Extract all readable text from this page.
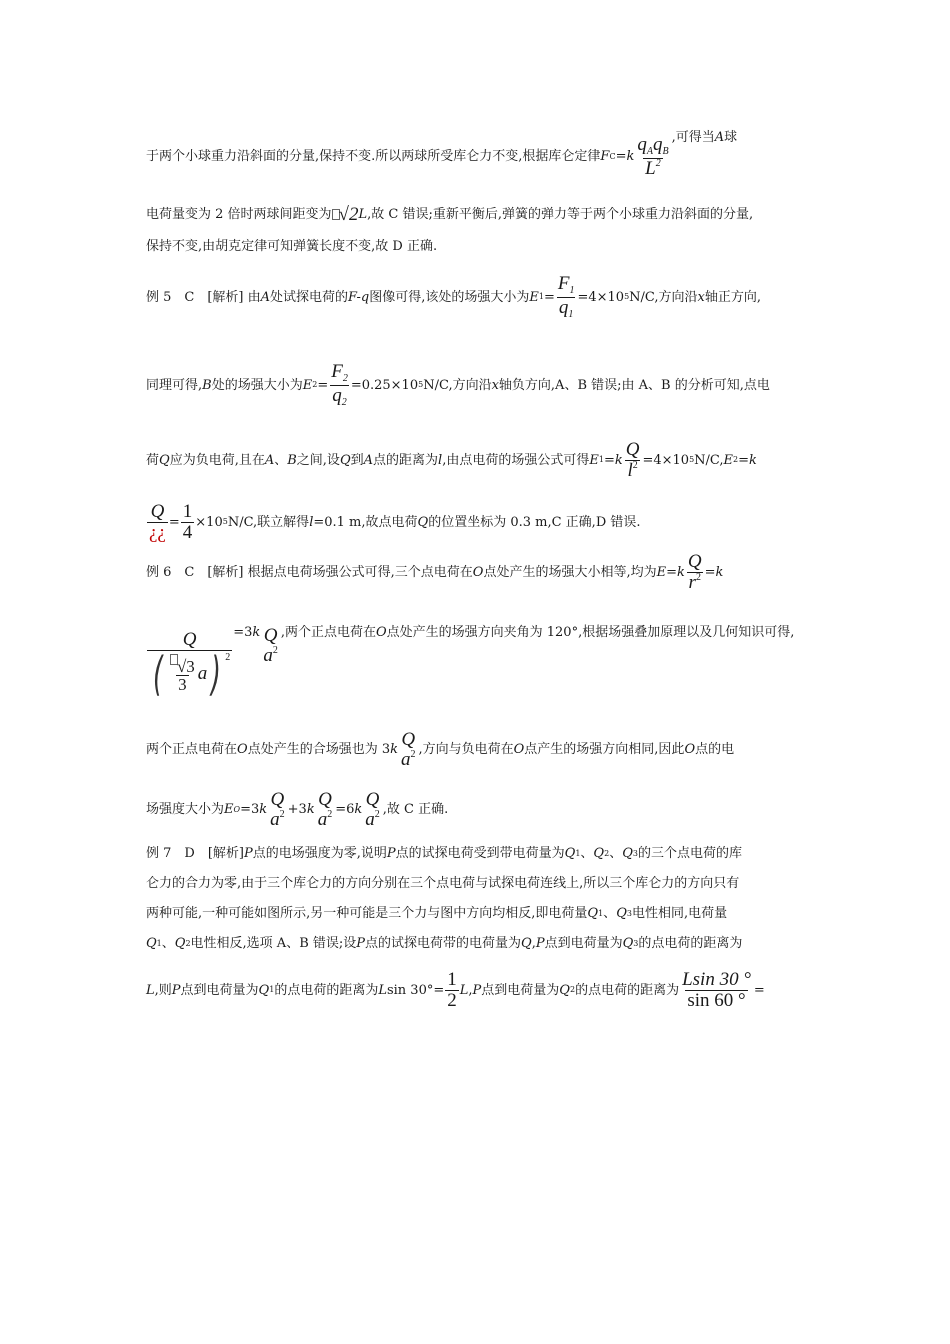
于两个小球重力沿斜面的分量,保持不变.所以两球所受库仑力不变,根据库仑定律 F C = k $\frac{q_Aq_B}{L^2}$ ,可得当 A 球
电荷量变为 2 倍时两球间距变为 √2 L ,故 C 错误;重新平衡后,弹簧的弹力等于两个小球重力沿斜面的分量,
保持不变,由胡克定律可知弹簧长度不变,故 D 正确.
例 5　C　[解析] 由 A 处试探电荷的 F-q 图像可得,该处的场强大小为 E $1 = \frac{F_1}{q_1} =4\times 10$ 5 N/C,方向沿 x 轴正方向,
同理可得, B 处的场强大小为 E $2 = \frac{F_2}{q_2} =0.25\times 10$ 5 N/C,方向沿 x 轴负方向,A、B 错误;由 A、B 的分析可知,点电
荷 Q 应为负电荷,且在 A 、 B 之间,设 Q 到 A 点的距离为 l ,由点电荷的场强公式可得 E 1 = k $\frac{Q}{l^2} =4\times 10$ 5 N/C, E 2 = k
$\frac{Q}{¿¿} = \frac{1}{4} \times 10$ 5 N/C,联立解得 l =0.1 m,故点电荷 Q 的位置坐标为 0.3 m,C 正确,D 错误.
例 6　C　[解析] 根据点电荷场强公式可得,三个点电荷在 O 点处产生的场强大小相等,均为 E = k $\frac{Q}{r^2} = k$
Q
( $\frac{√3}{3}$ a ) $^2$
=3 k Q
$a^2$
,两个正点电荷在 O 点处产生的场强方向夹角为 120°,根据场强叠加原理以及几何知识可得,
两个正点电荷在 O 点处产生的合场强也为 3 k Q
$a^2$ ,方向与负电荷在 O 点产生的场强方向相同,因此 O 点的电
场强度大小为 E O =3 k Q
$a^2 +3$ k Q
$a^2 =6$ k Q
$a^2$ ,故 C 正确.
例 7　D　[解析] P 点的电场强度为零,说明 P 点的试探电荷受到带电荷量为 Q 1 、 Q 2 、 Q 3 的三个点电荷的库
仑力的合力为零,由于三个库仑力的方向分别在三个点电荷与试探电荷连线上,所以三个库仑力的方向只有
两种可能,一种可能如图所示,另一种可能是三个力与图中方向均相反,即电荷量 Q 1 、 Q 3 电性相同,电荷量
Q 1 、 Q 2 电性相反,选项 A、B 错误;设 P 点的试探电荷带的电荷量为 Q , P 点到电荷量为 Q 3 的点电荷的距离为
L ,则 P 点到电荷量为 Q 1 的点电荷的距离为 L $\sin 30^\circ= \frac{1}{2}$ L , P 点到电荷量为 Q 2 的点电荷的距离为 $\frac{Lsin 30 ^\circ}{\sin 60 ^\circ}$ =
